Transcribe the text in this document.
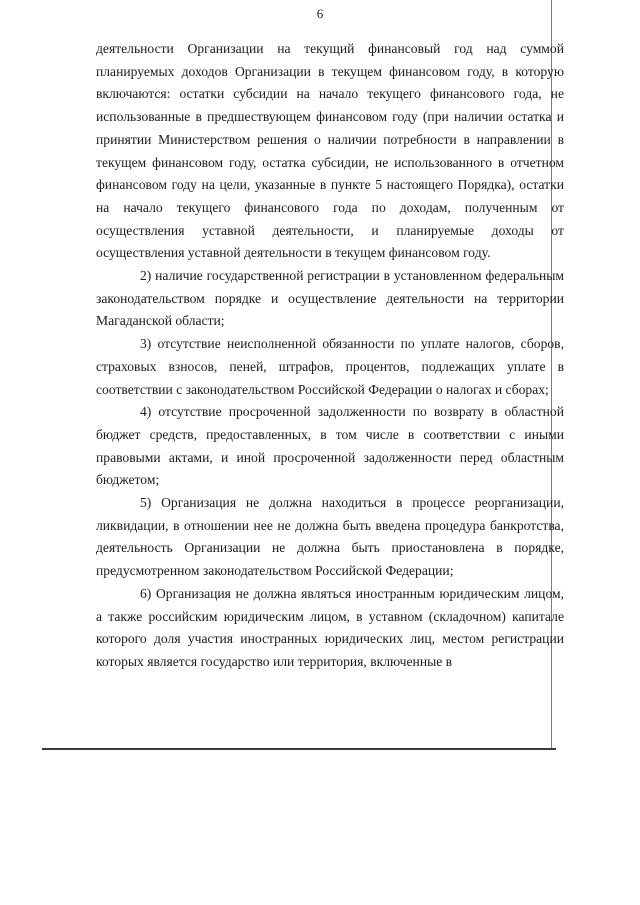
6

деятельности Организации на текущий финансовый год над суммой планируемых доходов Организации в текущем финансовом году, в которую включаются: остатки субсидии на начало текущего финансового года, не использованные в предшествующем финансовом году (при наличии остатка и принятии Министерством решения о наличии потребности в направлении в текущем финансовом году, остатка субсидии, не использованного в отчетном финансовом году на цели, указанные в пункте 5 настоящего Порядка), остатки на начало текущего финансового года по доходам, полученным от осуществления уставной деятельности, и планируемые доходы от осуществления уставной деятельности в текущем финансовом году.

2) наличие государственной регистрации в установленном федеральным законодательством порядке и осуществление деятельности на территории Магаданской области;

3) отсутствие неисполненной обязанности по уплате налогов, сборов, страховых взносов, пеней, штрафов, процентов, подлежащих уплате в соответствии с законодательством Российской Федерации о налогах и сборах;

4) отсутствие просроченной задолженности по возврату в областной бюджет средств, предоставленных, в том числе в соответствии с иными правовыми актами, и иной просроченной задолженности перед областным бюджетом;

5) Организация не должна находиться в процессе реорганизации, ликвидации, в отношении нее не должна быть введена процедура банкротства, деятельность Организации не должна быть приостановлена в порядке, предусмотренном законодательством Российской Федерации;

6) Организация не должна являться иностранным юридическим лицом, а также российским юридическим лицом, в уставном (складочном) капитале которого доля участия иностранных юридических лиц, местом регистрации которых является государство или территория, включенные в
